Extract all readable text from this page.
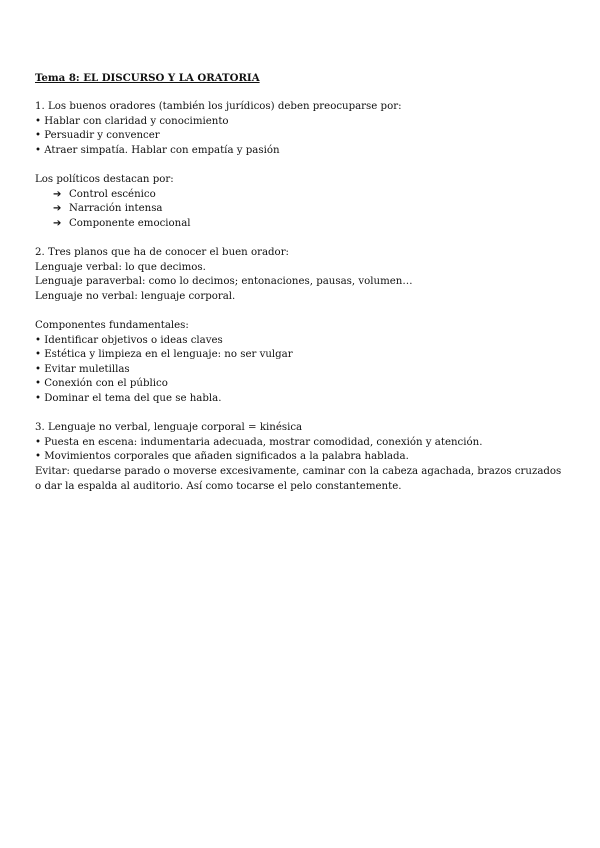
Tema 8: EL DISCURSO Y LA ORATORIA

1. Los buenos oradores (también los jurídicos) deben preocuparse por:

• Hablar con claridad y conocimiento

• Persuadir y convencer

• Atraer simpatía. Hablar con empatía y pasión

Los políticos destacan por:

➔ Control escénico

➔ Narración intensa

➔ Componente emocional

2. Tres planos que ha de conocer el buen orador:

Lenguaje verbal: lo que decimos.

Lenguaje paraverbal: como lo decimos; entonaciones, pausas, volumen…

Lenguaje no verbal: lenguaje corporal.

Componentes fundamentales:

• Identificar objetivos o ideas claves

• Estética y limpieza en el lenguaje: no ser vulgar

• Evitar muletillas

• Conexión con el público

• Dominar el tema del que se habla.

3. Lenguaje no verbal, lenguaje corporal = kinésica

• Puesta en escena: indumentaria adecuada, mostrar comodidad, conexión y atención.

• Movimientos corporales que añaden significados a la palabra hablada.

Evitar: quedarse parado o moverse excesivamente, caminar con la cabeza agachada, brazos cruzados o dar la espalda al auditorio. Así como tocarse el pelo constantemente.
